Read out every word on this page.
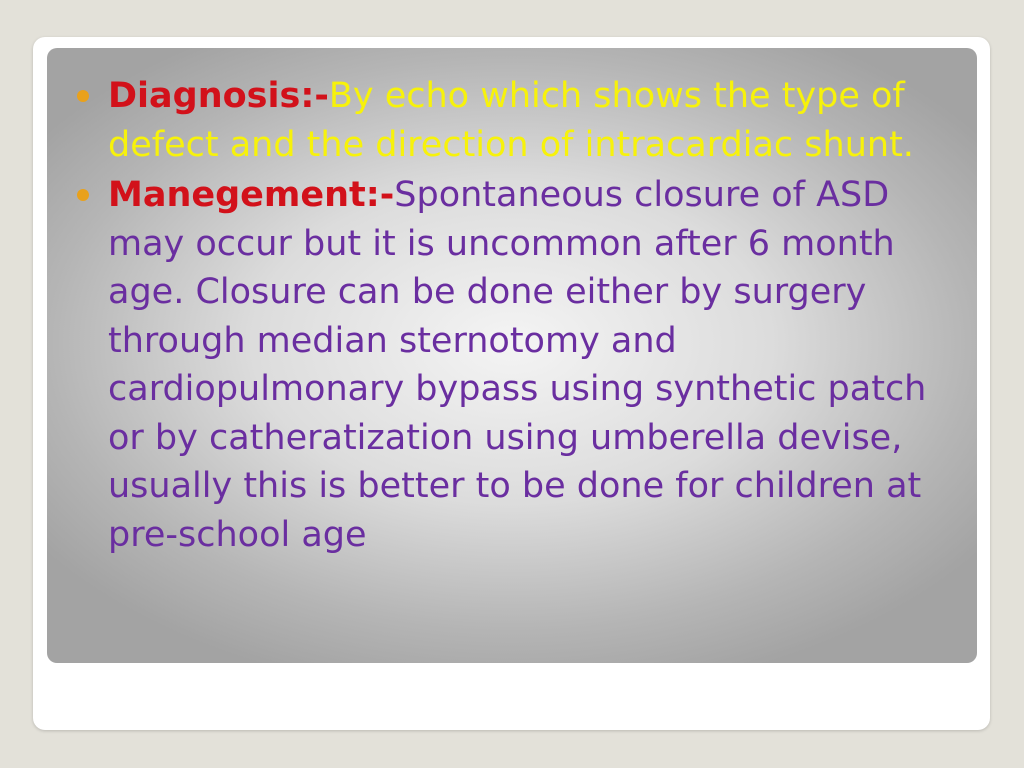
Diagnosis:-By echo which shows the type of defect and the direction of intracardiac shunt.
Manegement:-Spontaneous closure of ASD may occur but it is uncommon after 6 month age. Closure can be done either by surgery through median sternotomy and cardiopulmonary bypass using synthetic patch or by catheratization using umberella devise, usually this is better to be done for children at pre-school age
